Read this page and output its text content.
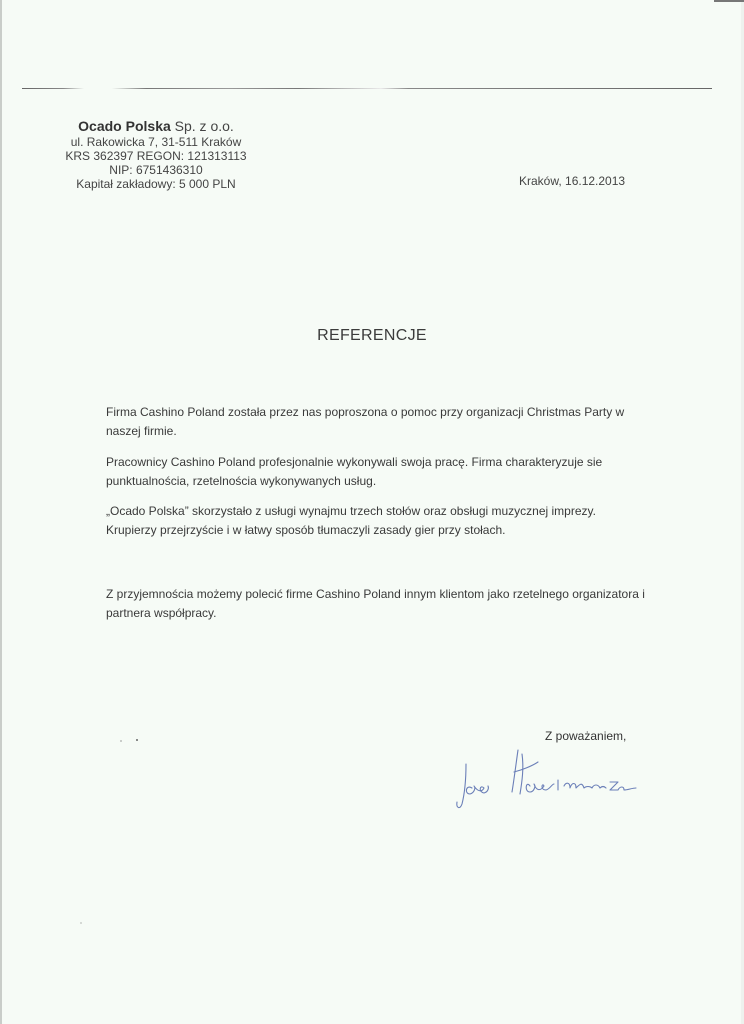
Ocado Polska Sp. z o.o.
ul. Rakowicka 7, 31-511 Kraków
KRS 362397 REGON: 121313113
NIP: 6751436310
Kapitał zakładowy: 5 000 PLN	Kraków, 16.12.2013
REFERENCJE
Firma Cashino Poland została przez nas poproszona o pomoc przy organizacji Christmas Party w naszej firmie.
Pracownicy Cashino Poland profesjonalnie wykonywali swoja pracę. Firma charakteryzuje sie punktualnościa, rzetelnościa wykonywanych usług.
„Ocado Polska” skorzystało z usługi wynajmu trzech stołów oraz obsługi muzycznej imprezy. Krupierzy przejrzyście i w łatwy sposób tłumaczyli zasady gier przy stołach.
Z przyjemnościa możemy polecić firme Cashino Poland innym klientom jako rzetelnego organizatora i partnera współpracy.
Z poważaniem,
